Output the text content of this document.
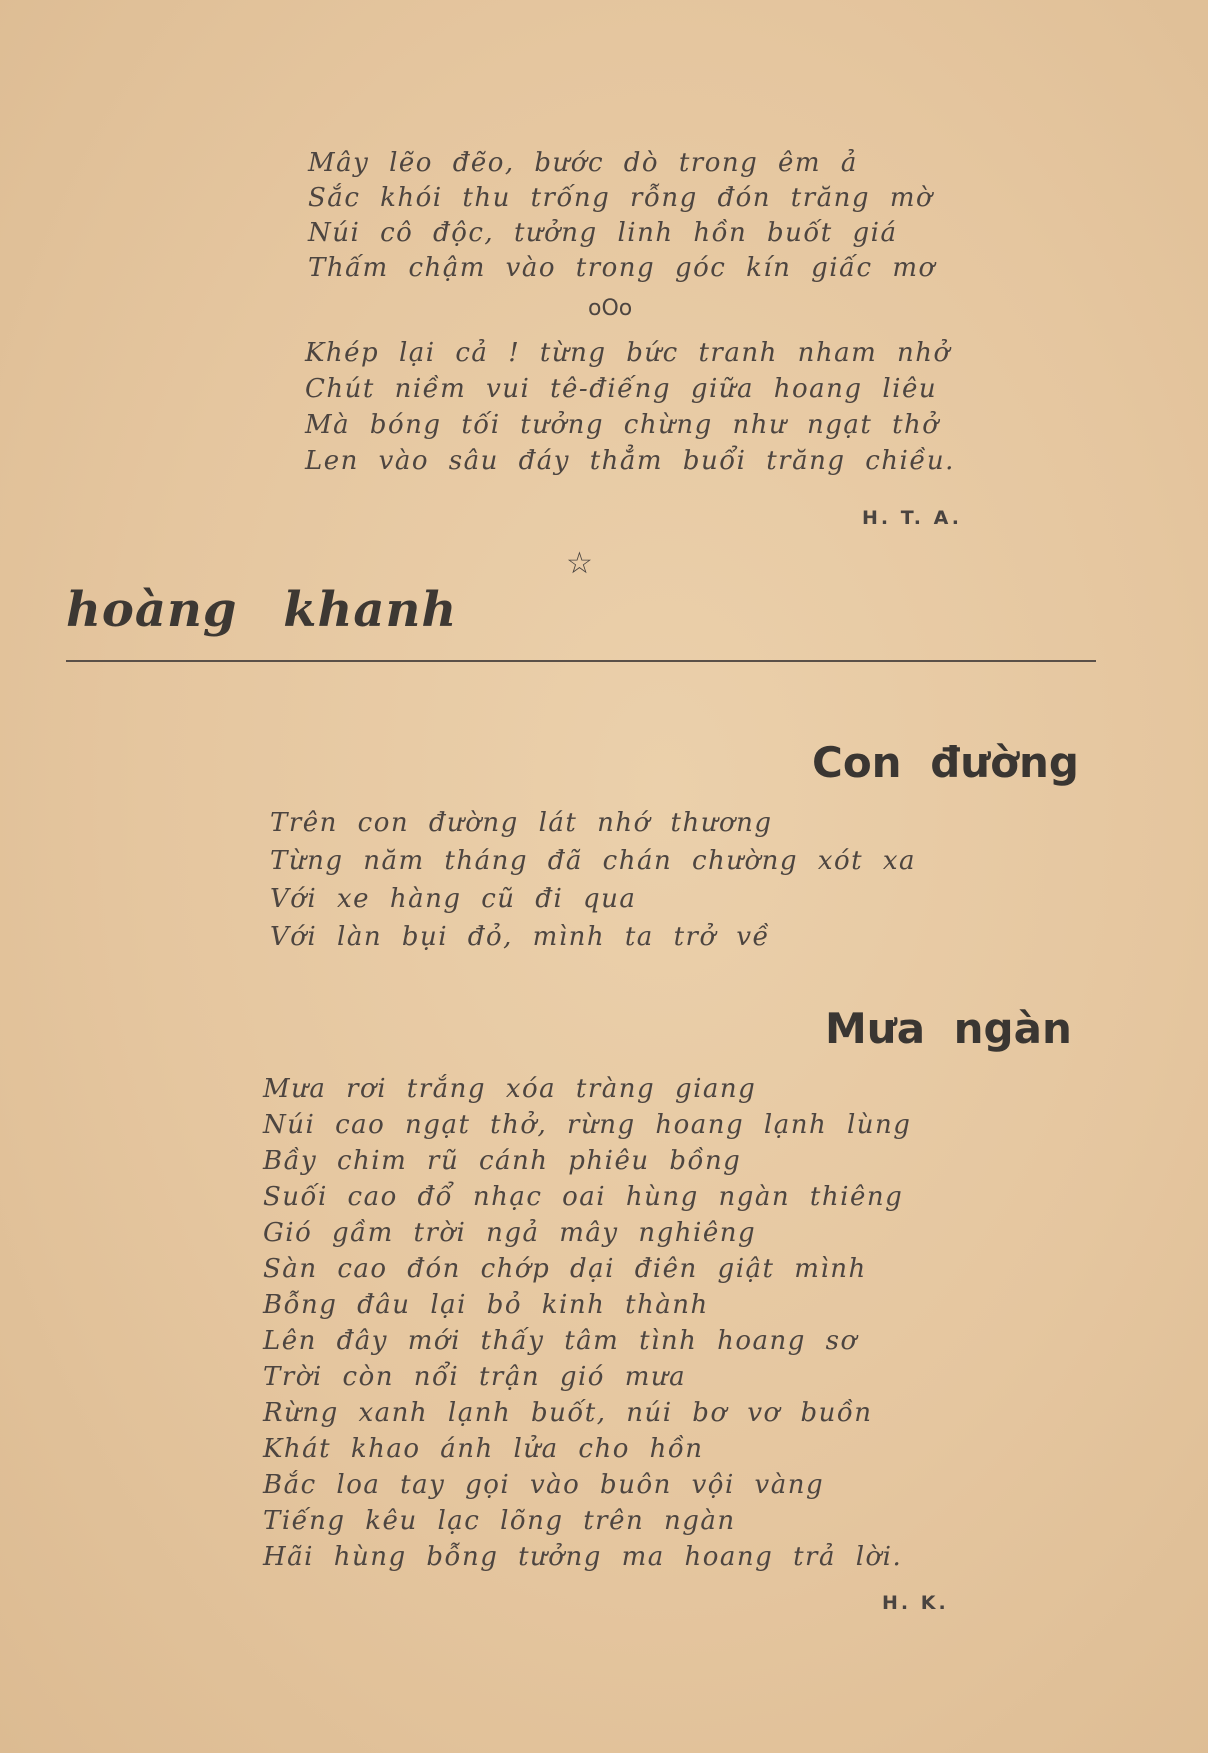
Mây lẽo đẽo, bước dò trong êm ả
Sắc khói thu trống rỗng đón trăng mờ
Núi cô độc, tưởng linh hồn buốt giá
Thấm chậm vào trong góc kín giấc mơ
oOo
Khép lại cả ! từng bức tranh nham nhở
Chút niềm vui tê-điếng giữa hoang liêu
Mà bóng tối tưởng chừng như ngạt thở
Len vào sâu đáy thẳm buổi trăng chiều.
H. T. A.
☆
hoàng khanh
Con đường
Trên con đường lát nhớ thương
Từng năm tháng đã chán chường xót xa
Với xe hàng cũ đi qua
Với làn bụi đỏ, mình ta trở về
Mưa ngàn
Mưa rơi trắng xóa tràng giang
Núi cao ngạt thở, rừng hoang lạnh lùng
Bầy chim rũ cánh phiêu bồng
Suối cao đổ nhạc oai hùng ngàn thiêng
Gió gầm trời ngả mây nghiêng
Sàn cao đón chớp dại điên giật mình
Bỗng đâu lại bỏ kinh thành
Lên đây mới thấy tâm tình hoang sơ
Trời còn nổi trận gió mưa
Rừng xanh lạnh buốt, núi bơ vơ buồn
Khát khao ánh lửa cho hồn
Bắc loa tay gọi vào buôn vội vàng
Tiếng kêu lạc lõng trên ngàn
Hãi hùng bỗng tưởng ma hoang trả lời.
H. K.
